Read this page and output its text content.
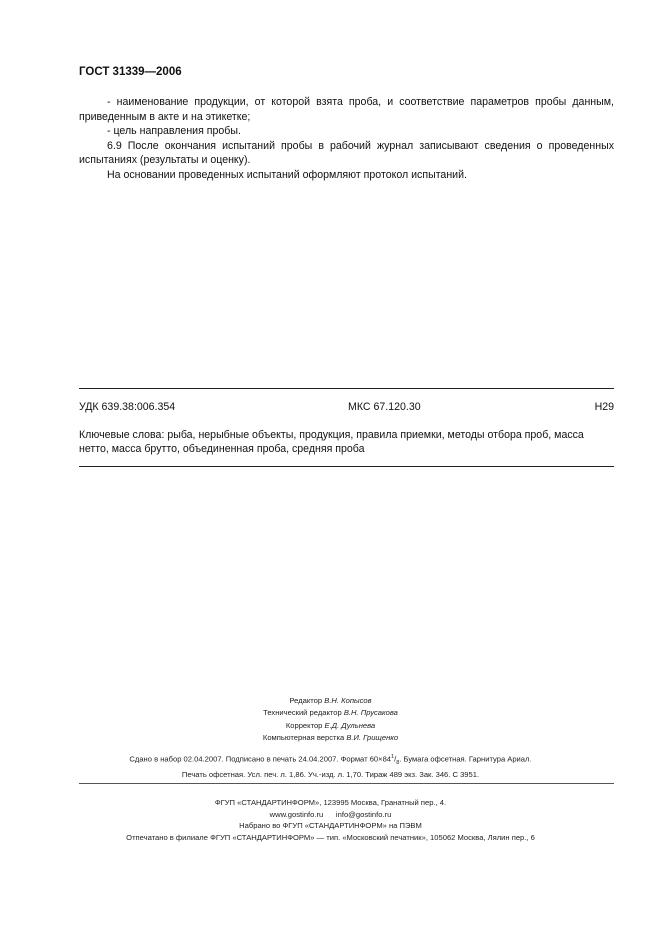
ГОСТ 31339—2006

- наименование продукции, от которой взята проба, и соответствие параметров пробы данным, приведенным в акте и на этикетке;

- цель направления пробы.

6.9 После окончания испытаний пробы в рабочий журнал записывают сведения о проведенных испытаниях (результаты и оценку).

На основании проведенных испытаний оформляют протокол испытаний.

УДК 639.38:006.354	МКС 67.120.30	Н29
Ключевые слова: рыба, нерыбные объекты, продукция, правила приемки, методы отбора проб, масса нетто, масса брутто, объединенная проба, средняя проба
Редактор В.Н. Копысов
Технический редактор В.Н. Прусакова
Корректор Е.Д. Дульнева
Компьютерная верстка В.И. Грищенко
Сдано в набор 02.04.2007. Подписано в печать 24.04.2007. Формат $60\times 84^1/_8$. Бумага офсетная. Гарнитура Ариал.
Печать офсетная. Усл. печ. л. 1,86. Уч.-изд. л. 1,70. Тираж 489 экз. Зак. 346. С 3951.
ФГУП «СТАНДАРТИНФОРМ», 123995 Москва, Гранатный пер., 4.
www.gostinfo.ru info@gostinfo.ru
Набрано во ФГУП «СТАНДАРТИНФОРМ» на ПЭВМ
Отпечатано в филиале ФГУП «СТАНДАРТИНФОРМ» — тип. «Московский печатник», 105062 Москва, Лялин пер., 6
